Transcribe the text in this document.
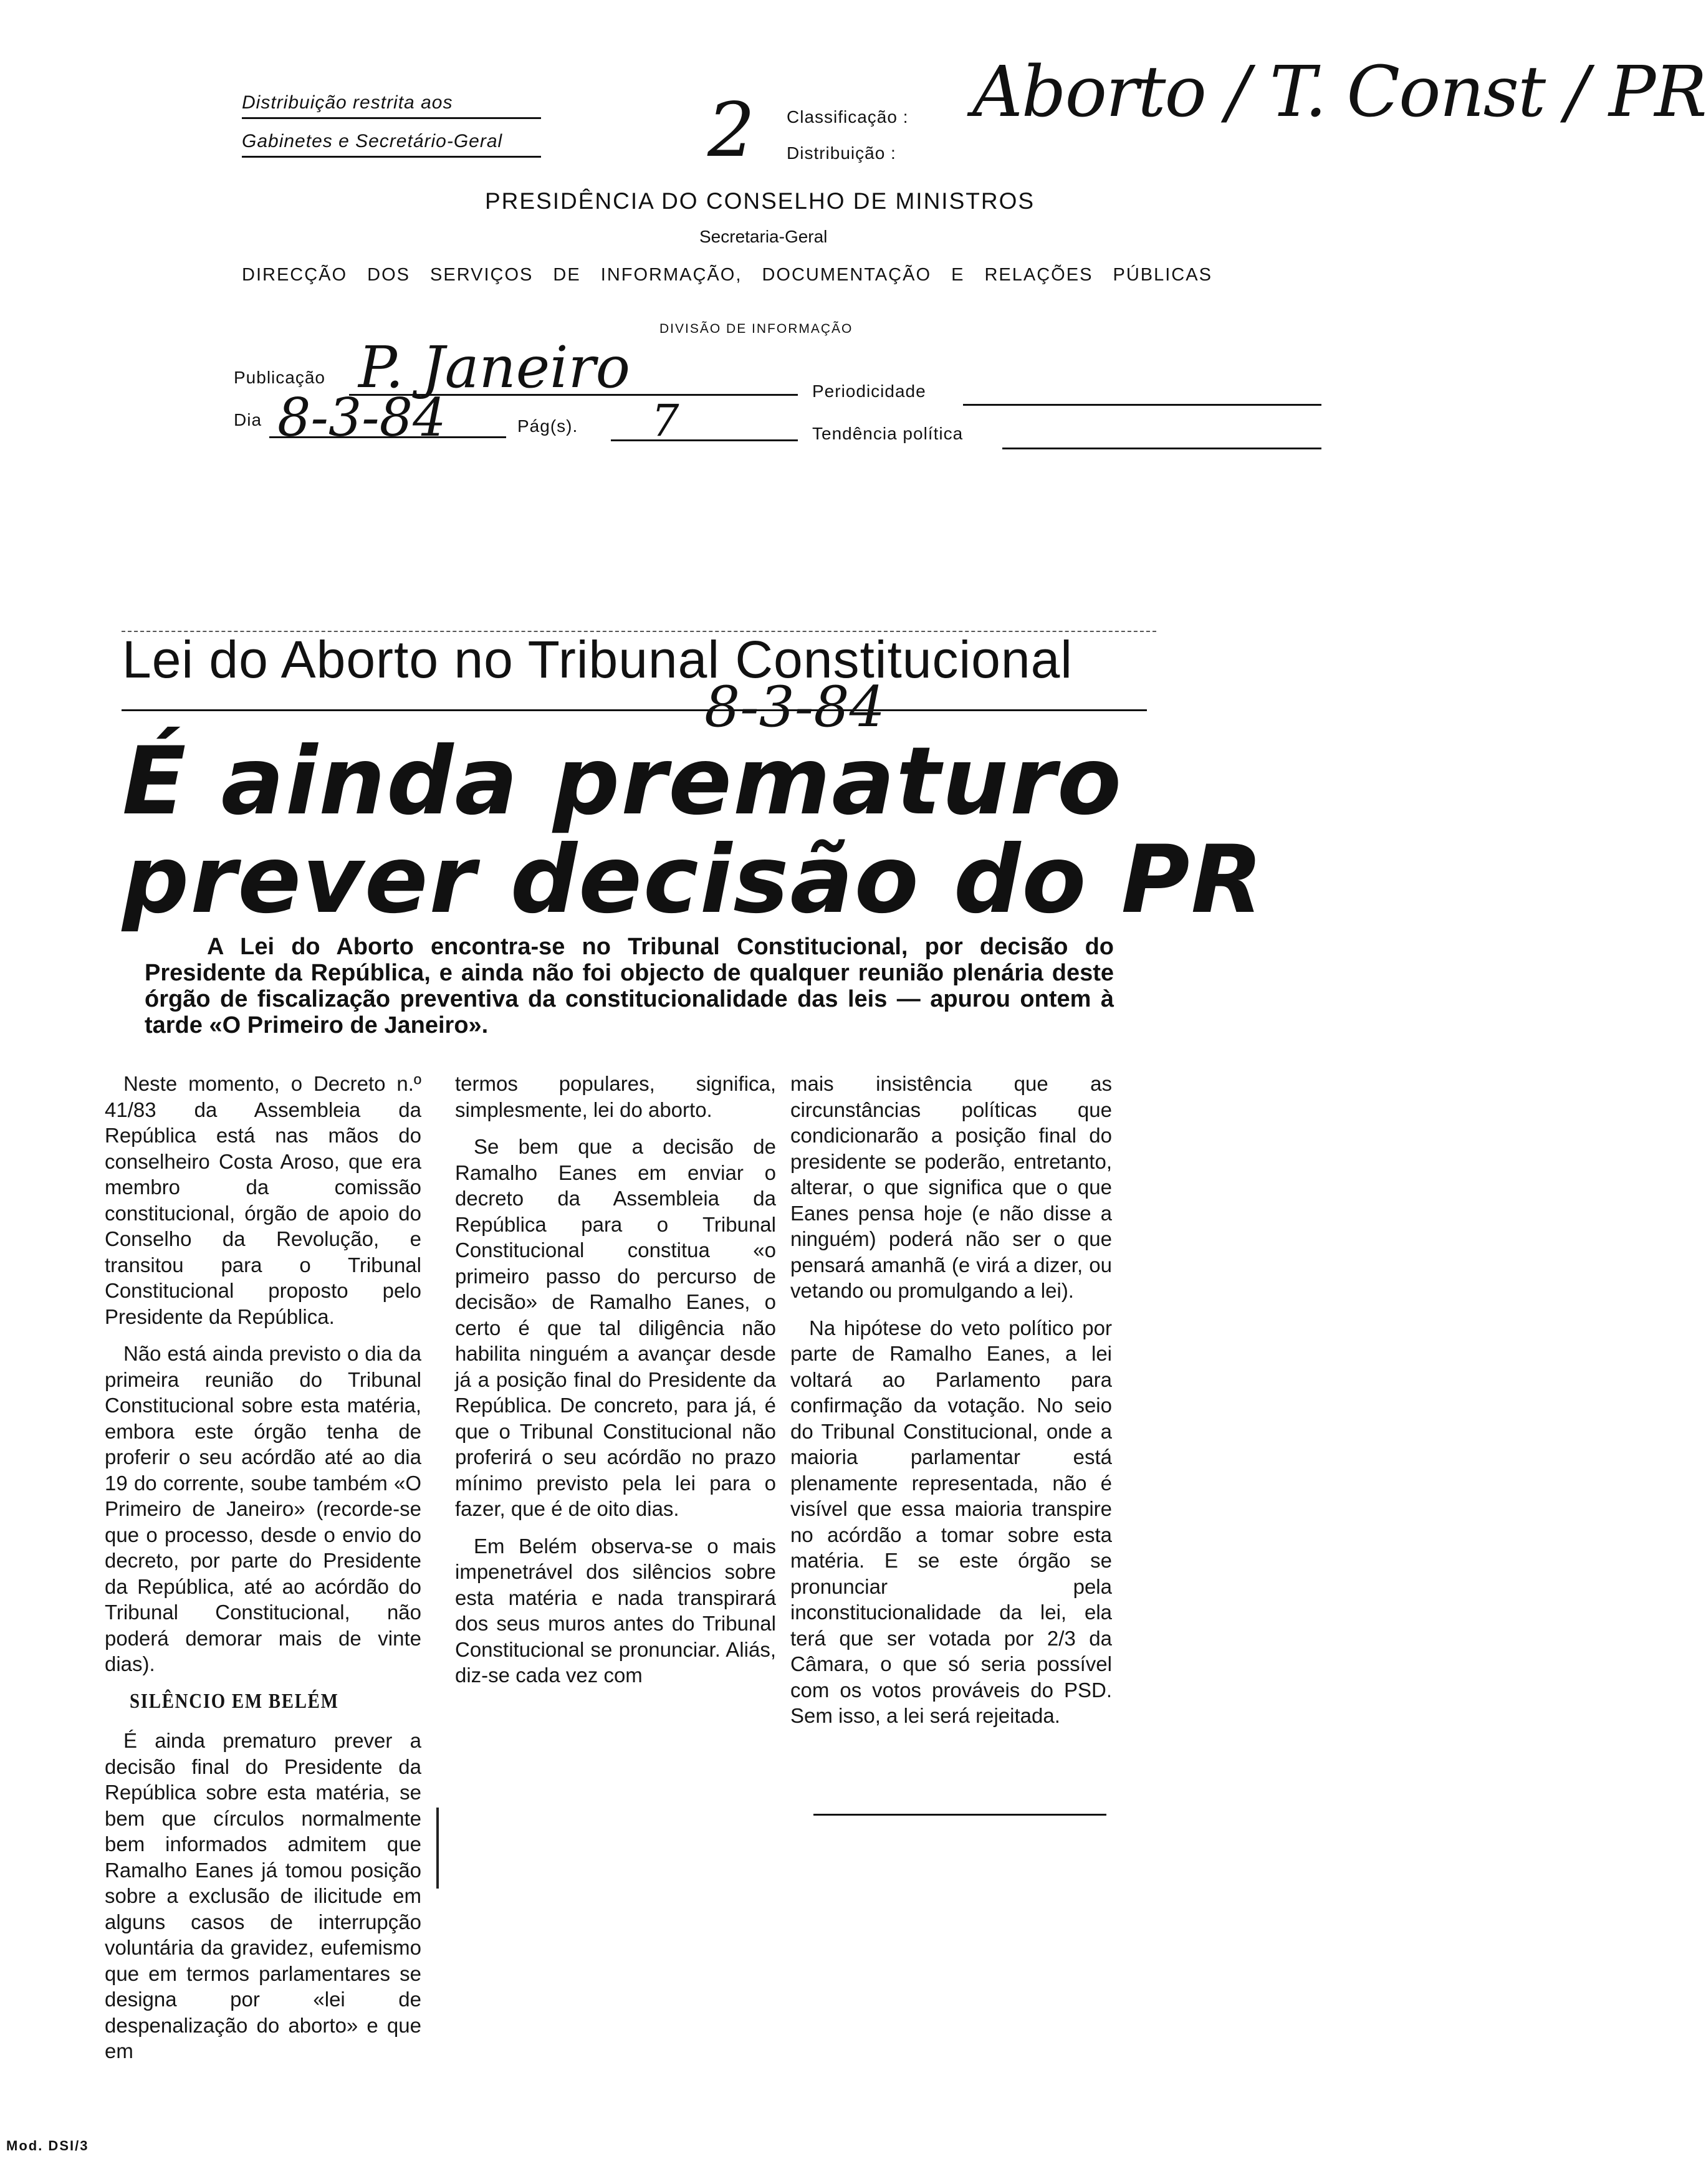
Distribuição restrita aos
Gabinetes e Secretário-Geral	2 Classificação :
Distribuição :
Aborto / T. Const / PR
PRESIDÊNCIA DO CONSELHO DE MINISTROS
Secretaria-Geral
DIRECÇÃO DOS SERVIÇOS DE INFORMAÇÃO, DOCUMENTAÇÃO E RELAÇÕES PÚBLICAS
DIVISÃO DE INFORMAÇÃO
Publicação P. Janeiro	Periodicidade
Dia 8-3-84	Pág(s). 7	Tendência política
Lei do Aborto no Tribunal Constitucional
8-3-84
É ainda prematuro
prever decisão do PR
A Lei do Aborto encontra-se no Tribunal Constitucional, por decisão do Presidente da República, e ainda não foi objecto de qualquer reunião plenária deste órgão de fiscalização preventiva da constitucionalidade das leis — apurou ontem à tarde «O Primeiro de Janeiro».

Neste momento, o Decreto n.º 41/83 da Assembleia da República está nas mãos do conselheiro Costa Aroso, que era membro da comissão constitucional, órgão de apoio do Conselho da Revolução, e transitou para o Tribunal Constitucional proposto pelo Presidente da República.

Não está ainda previsto o dia da primeira reunião do Tribunal Constitucional sobre esta matéria, embora este órgão tenha de proferir o seu acórdão até ao dia 19 do corrente, soube também «O Primeiro de Janeiro» (recorde-se que o processo, desde o envio do decreto, por parte do Presidente da República, até ao acórdão do Tribunal Constitucional, não poderá demorar mais de vinte dias).

SILÊNCIO EM BELÉM

É ainda prematuro prever a decisão final do Presidente da República sobre esta matéria, se bem que círculos normalmente bem informados admitem que Ramalho Eanes já tomou posição sobre a exclusão de ilicitude em alguns casos de interrupção voluntária da gravidez, eufemismo que em termos parlamentares se designa por «lei de despenalização do aborto» e que em

termos populares, significa, simplesmente, lei do aborto.

Se bem que a decisão de Ramalho Eanes em enviar o decreto da Assembleia da República para o Tribunal Constitucional constitua «o primeiro passo do percurso de decisão» de Ramalho Eanes, o certo é que tal diligência não habilita ninguém a avançar desde já a posição final do Presidente da República. De concreto, para já, é que o Tribunal Constitucional não proferirá o seu acórdão no prazo mínimo previsto pela lei para o fazer, que é de oito dias.

Em Belém observa-se o mais impenetrável dos silêncios sobre esta matéria e nada transpirará dos seus muros antes do Tribunal Constitucional se pronunciar. Aliás, diz-se cada vez com

mais insistência que as circunstâncias políticas que condicionarão a posição final do presidente se poderão, entretanto, alterar, o que significa que o que Eanes pensa hoje (e não disse a ninguém) poderá não ser o que pensará amanhã (e virá a dizer, ou vetando ou promulgando a lei).

Na hipótese do veto político por parte de Ramalho Eanes, a lei voltará ao Parlamento para confirmação da votação. No seio do Tribunal Constitucional, onde a maioria parlamentar está plenamente representada, não é visível que essa maioria transpire no acórdão a tomar sobre esta matéria. E se este órgão se pronunciar pela inconstitucionalidade da lei, ela terá que ser votada por 2/3 da Câmara, o que só seria possível com os votos prováveis do PSD. Sem isso, a lei será rejeitada.

Mod. DSI/3
